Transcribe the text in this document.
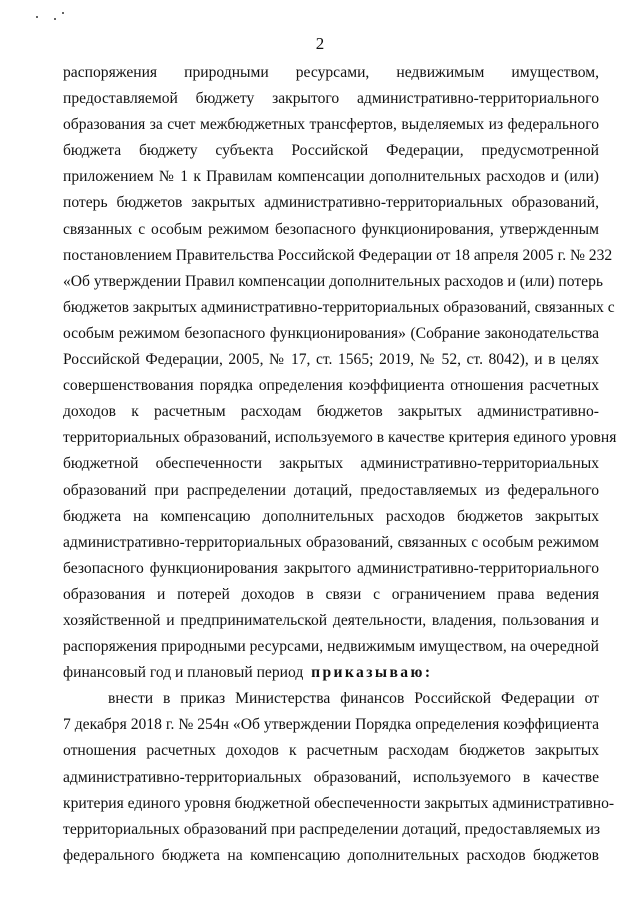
2
распоряжения природными ресурсами, недвижимым имуществом,
предоставляемой бюджету закрытого административно-территориального
образования за счет межбюджетных трансфертов, выделяемых из федерального
бюджета бюджету субъекта Российской Федерации, предусмотренной
приложением № 1 к Правилам компенсации дополнительных расходов и (или)
потерь бюджетов закрытых административно-территориальных образований,
связанных с особым режимом безопасного функционирования, утвержденным
постановлением Правительства Российской Федерации от 18 апреля 2005 г. № 232
«Об утверждении Правил компенсации дополнительных расходов и (или) потерь
бюджетов закрытых административно-территориальных образований, связанных с
особым режимом безопасного функционирования» (Собрание законодательства
Российской Федерации, 2005, № 17, ст. 1565; 2019, № 52, ст. 8042), и в целях
совершенствования порядка определения коэффициента отношения расчетных
доходов к расчетным расходам бюджетов закрытых административно-
территориальных образований, используемого в качестве критерия единого уровня
бюджетной обеспеченности закрытых административно-территориальных
образований при распределении дотаций, предоставляемых из федерального
бюджета на компенсацию дополнительных расходов бюджетов закрытых
административно-территориальных образований, связанных с особым режимом
безопасного функционирования закрытого административно-территориального
образования и потерей доходов в связи с ограничением права ведения
хозяйственной и предпринимательской деятельности, владения, пользования и
распоряжения природными ресурсами, недвижимым имуществом, на очередной
финансовый год и плановый период приказываю:
внести в приказ Министерства финансов Российской Федерации от
7 декабря 2018 г. № 254н «Об утверждении Порядка определения коэффициента
отношения расчетных доходов к расчетным расходам бюджетов закрытых
административно-территориальных образований, используемого в качестве
критерия единого уровня бюджетной обеспеченности закрытых административно-
территориальных образований при распределении дотаций, предоставляемых из
федерального бюджета на компенсацию дополнительных расходов бюджетов
